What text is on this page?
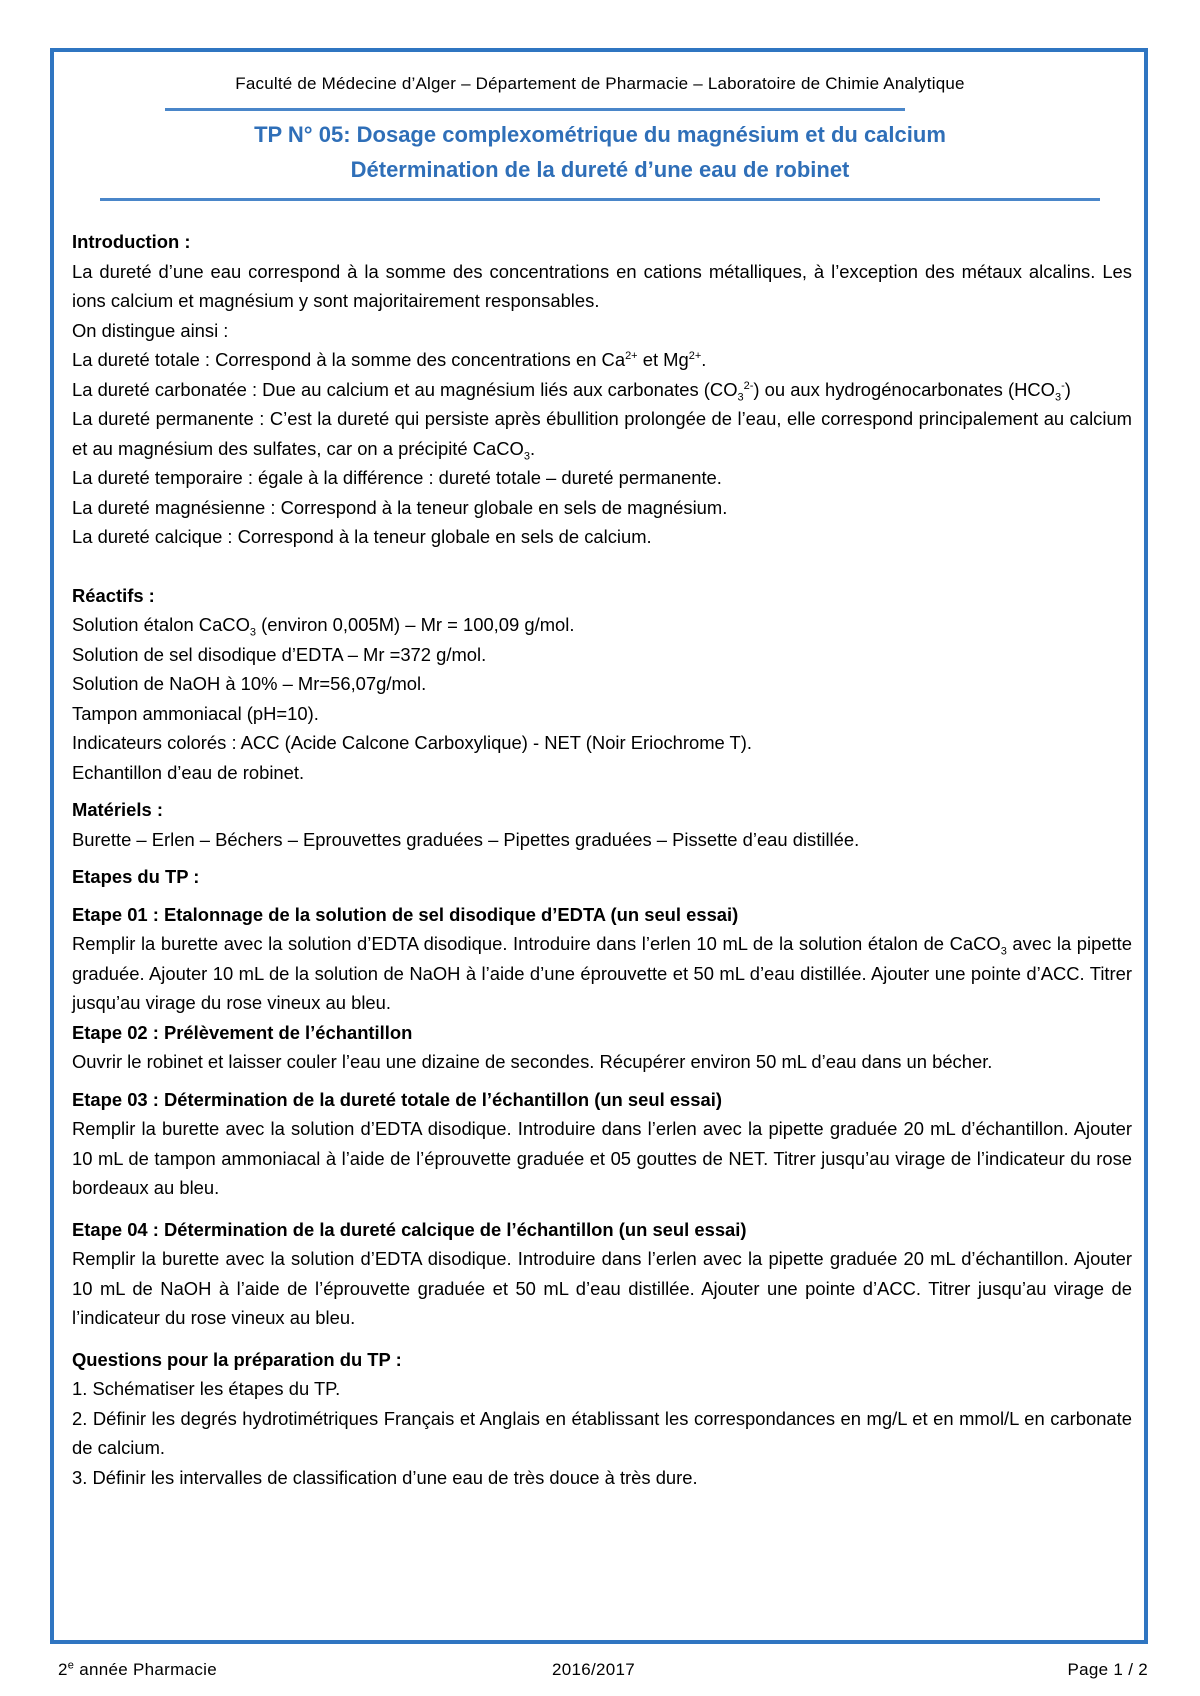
Faculté de Médecine d’Alger – Département de Pharmacie – Laboratoire de Chimie Analytique
TP N° 05: Dosage complexométrique du magnésium et du calcium
Détermination de la dureté d’une eau de robinet

Introduction :

La dureté d’une eau correspond à la somme des concentrations en cations métalliques, à l’exception des métaux alcalins. Les ions calcium et magnésium y sont majoritairement responsables.

On distingue ainsi :

La dureté totale : Correspond à la somme des concentrations en $Ca^{2+}$ et $Mg^{2+}$.

La dureté carbonatée : Due au calcium et au magnésium liés aux carbonates $(CO_3^{2-})$ ou aux hydrogénocarbonates $(HCO_3^-)$

La dureté permanente : C’est la dureté qui persiste après ébullition prolongée de l’eau, elle correspond principalement au calcium et au magnésium des sulfates, car on a précipité CaCO$_3$.

La dureté temporaire : égale à la différence : dureté totale – dureté permanente.

La dureté magnésienne : Correspond à la teneur globale en sels de magnésium.

La dureté calcique : Correspond à la teneur globale en sels de calcium.

Réactifs :

Solution étalon CaCO$_3$ (environ 0,005M) – Mr = 100,09 g/mol.

Solution de sel disodique d’EDTA – Mr =372 g/mol.

Solution de NaOH à 10% – Mr=56,07g/mol.

Tampon ammoniacal (pH=10).

Indicateurs colorés : ACC (Acide Calcone Carboxylique) - NET (Noir Eriochrome T).

Echantillon d’eau de robinet.

Matériels :

Burette – Erlen – Béchers – Eprouvettes graduées – Pipettes graduées – Pissette d’eau distillée.

Etapes du TP :

Etape 01 : Etalonnage de la solution de sel disodique d’EDTA (un seul essai)

Remplir la burette avec la solution d’EDTA disodique. Introduire dans l’erlen 10 mL de la solution étalon de CaCO$_3$ avec la pipette graduée. Ajouter 10 mL de la solution de NaOH à l’aide d’une éprouvette et 50 mL d’eau distillée. Ajouter une pointe d’ACC. Titrer jusqu’au virage du rose vineux au bleu.

Etape 02 : Prélèvement de l’échantillon

Ouvrir le robinet et laisser couler l’eau une dizaine de secondes. Récupérer environ 50 mL d’eau dans un bécher.

Etape 03 : Détermination de la dureté totale de l’échantillon (un seul essai)

Remplir la burette avec la solution d’EDTA disodique. Introduire dans l’erlen avec la pipette graduée 20 mL d’échantillon. Ajouter 10 mL de tampon ammoniacal à l’aide de l’éprouvette graduée et 05 gouttes de NET. Titrer jusqu’au virage de l’indicateur du rose bordeaux au bleu.

Etape 04 : Détermination de la dureté calcique de l’échantillon (un seul essai)

Remplir la burette avec la solution d’EDTA disodique. Introduire dans l’erlen avec la pipette graduée 20 mL d’échantillon. Ajouter 10 mL de NaOH à l’aide de l’éprouvette graduée et 50 mL d’eau distillée. Ajouter une pointe d’ACC. Titrer jusqu’au virage de l’indicateur du rose vineux au bleu.

Questions pour la préparation du TP :

1. Schématiser les étapes du TP.

2. Définir les degrés hydrotimétriques Français et Anglais en établissant les correspondances en mg/L et en mmol/L en carbonate de calcium.

3. Définir les intervalles de classification d’une eau de très douce à très dure.

2e année Pharmacie	2016/2017	Page 1 / 2
